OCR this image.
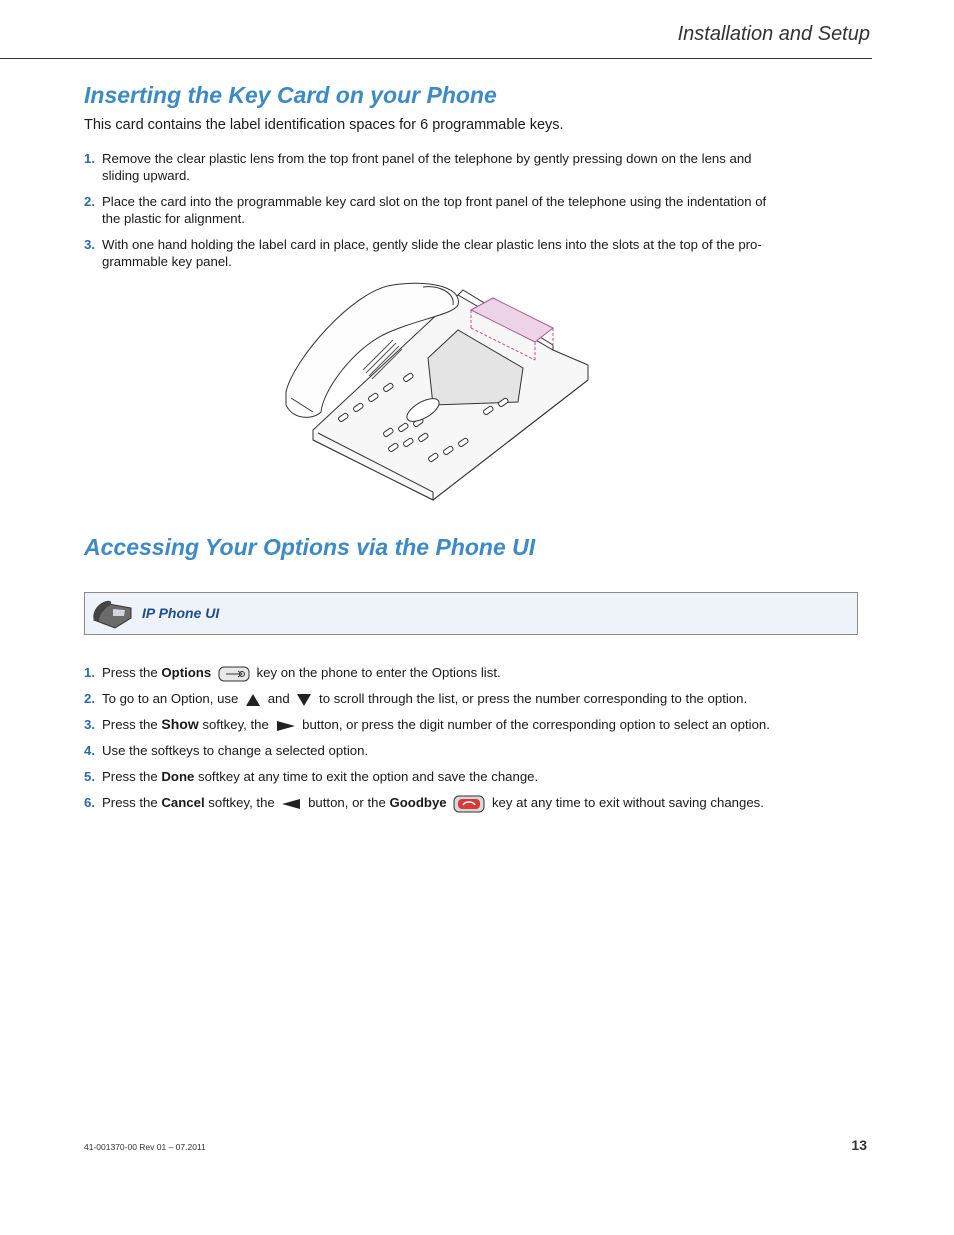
Installation and Setup
Inserting the Key Card on your Phone
This card contains the label identification spaces for 6 programmable keys.
1. Remove the clear plastic lens from the top front panel of the telephone by gently pressing down on the lens and sliding upward.
2. Place the card into the programmable key card slot on the top front panel of the telephone using the indentation of the plastic for alignment.
3. With one hand holding the label card in place, gently slide the clear plastic lens into the slots at the top of the pro-grammable key panel.
Accessing Your Options via the Phone UI
IP Phone UI
1. Press the Options	key on the phone to enter the Options list.
2. To go to an Option, use  and  to scroll through the list, or press the number corresponding to the option.
3. Press the Show softkey, the  button, or press the digit number of the corresponding option to select an option.
4. Use the softkeys to change a selected option.
5. Press the Done softkey at any time to exit the option and save the change.
6. Press the Cancel softkey, the  button, or the Goodbye	key at any time to exit without saving changes.
41-001370-00 Rev 01 – 07.2011	13
